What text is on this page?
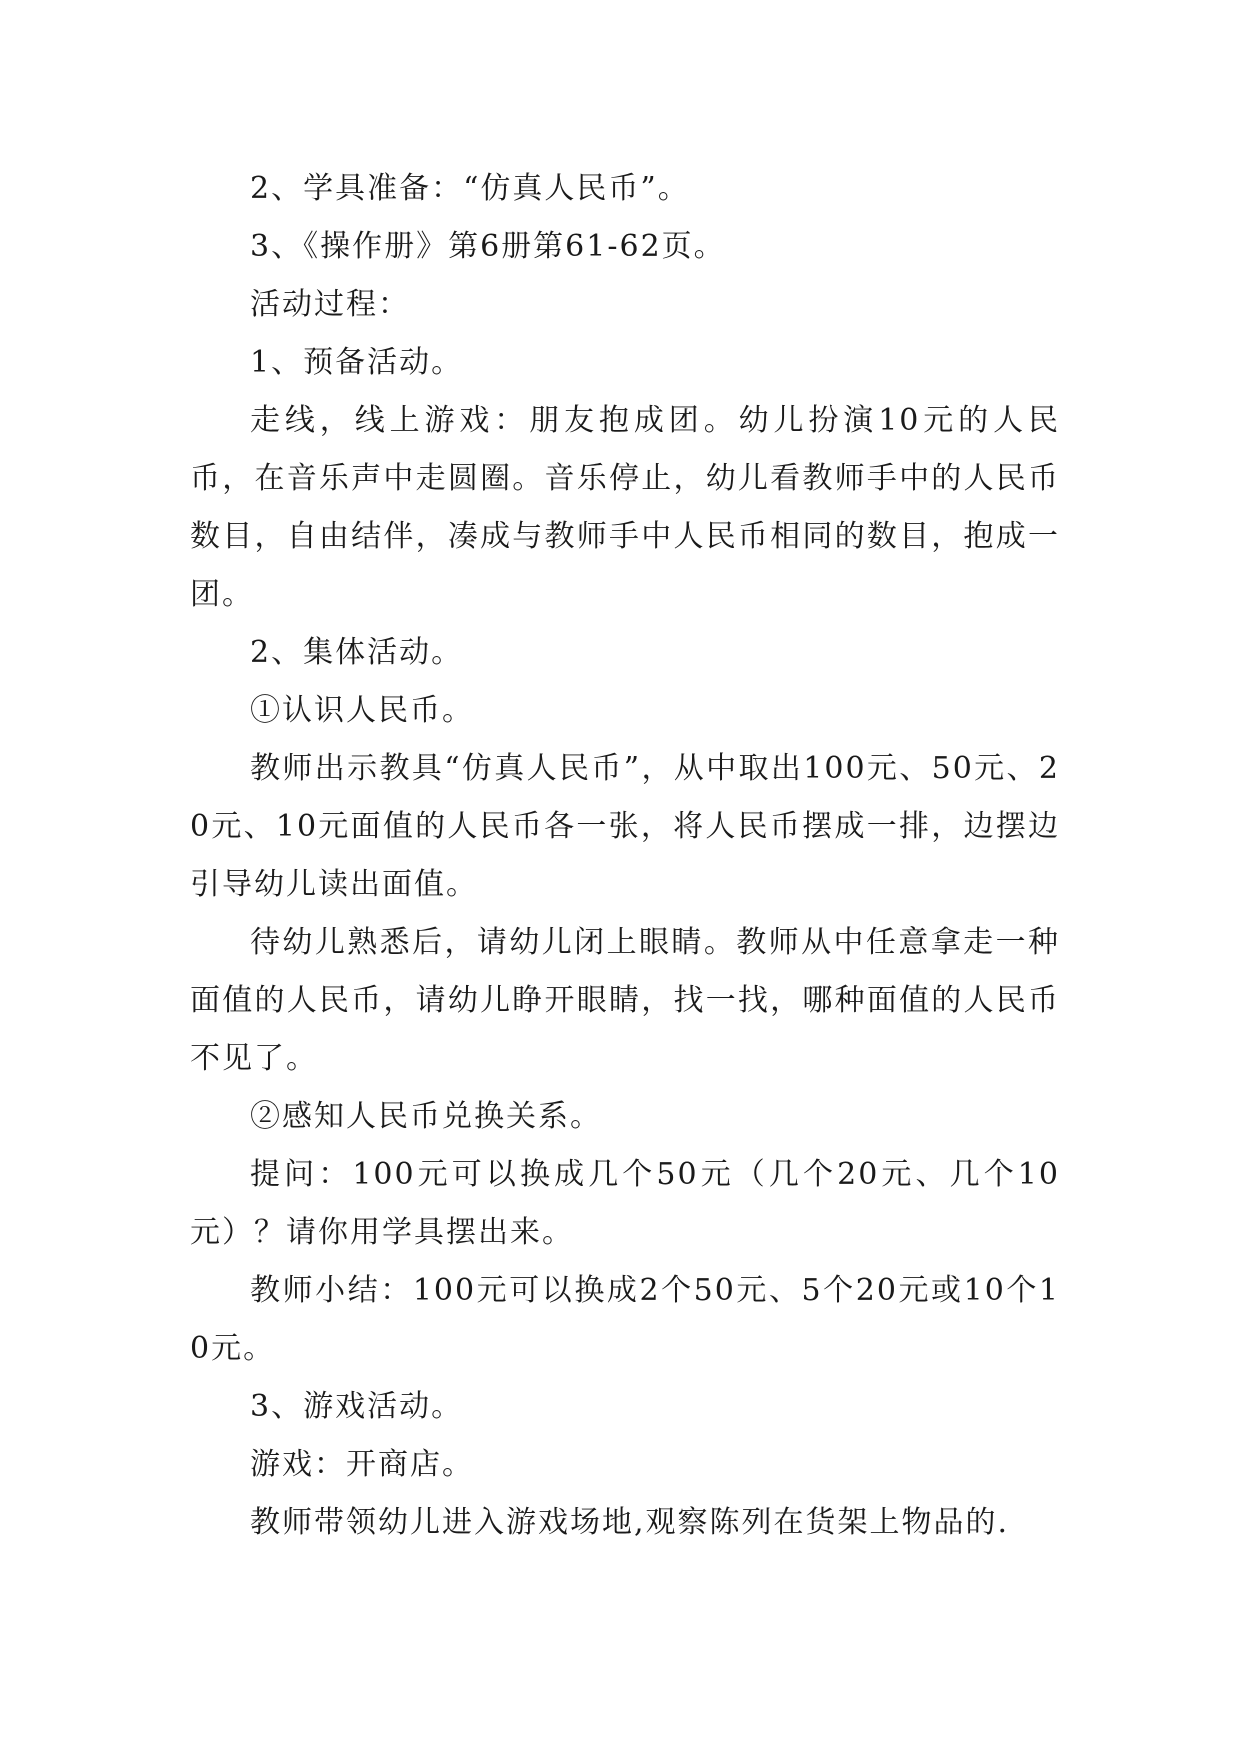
2、学具准备：“仿真人民币”。

3、《操作册》第6册第61-62页。

活动过程：

1、预备活动。

走线，线上游戏：朋友抱成团。幼儿扮演10元的人民币，在音乐声中走圆圈。音乐停止，幼儿看教师手中的人民币数目，自由结伴，凑成与教师手中人民币相同的数目，抱成一团。

2、集体活动。

①认识人民币。

教师出示教具“仿真人民币”，从中取出100元、50元、20元、10元面值的人民币各一张，将人民币摆成一排，边摆边引导幼儿读出面值。

待幼儿熟悉后，请幼儿闭上眼睛。教师从中任意拿走一种面值的人民币，请幼儿睁开眼睛，找一找，哪种面值的人民币不见了。

②感知人民币兑换关系。

提问：100元可以换成几个50元（几个20元、几个10元）？请你用学具摆出来。

教师小结：100元可以换成2个50元、5个20元或10个10元。

3、游戏活动。

游戏：开商店。

教师带领幼儿进入游戏场地,观察陈列在货架上物品的.
